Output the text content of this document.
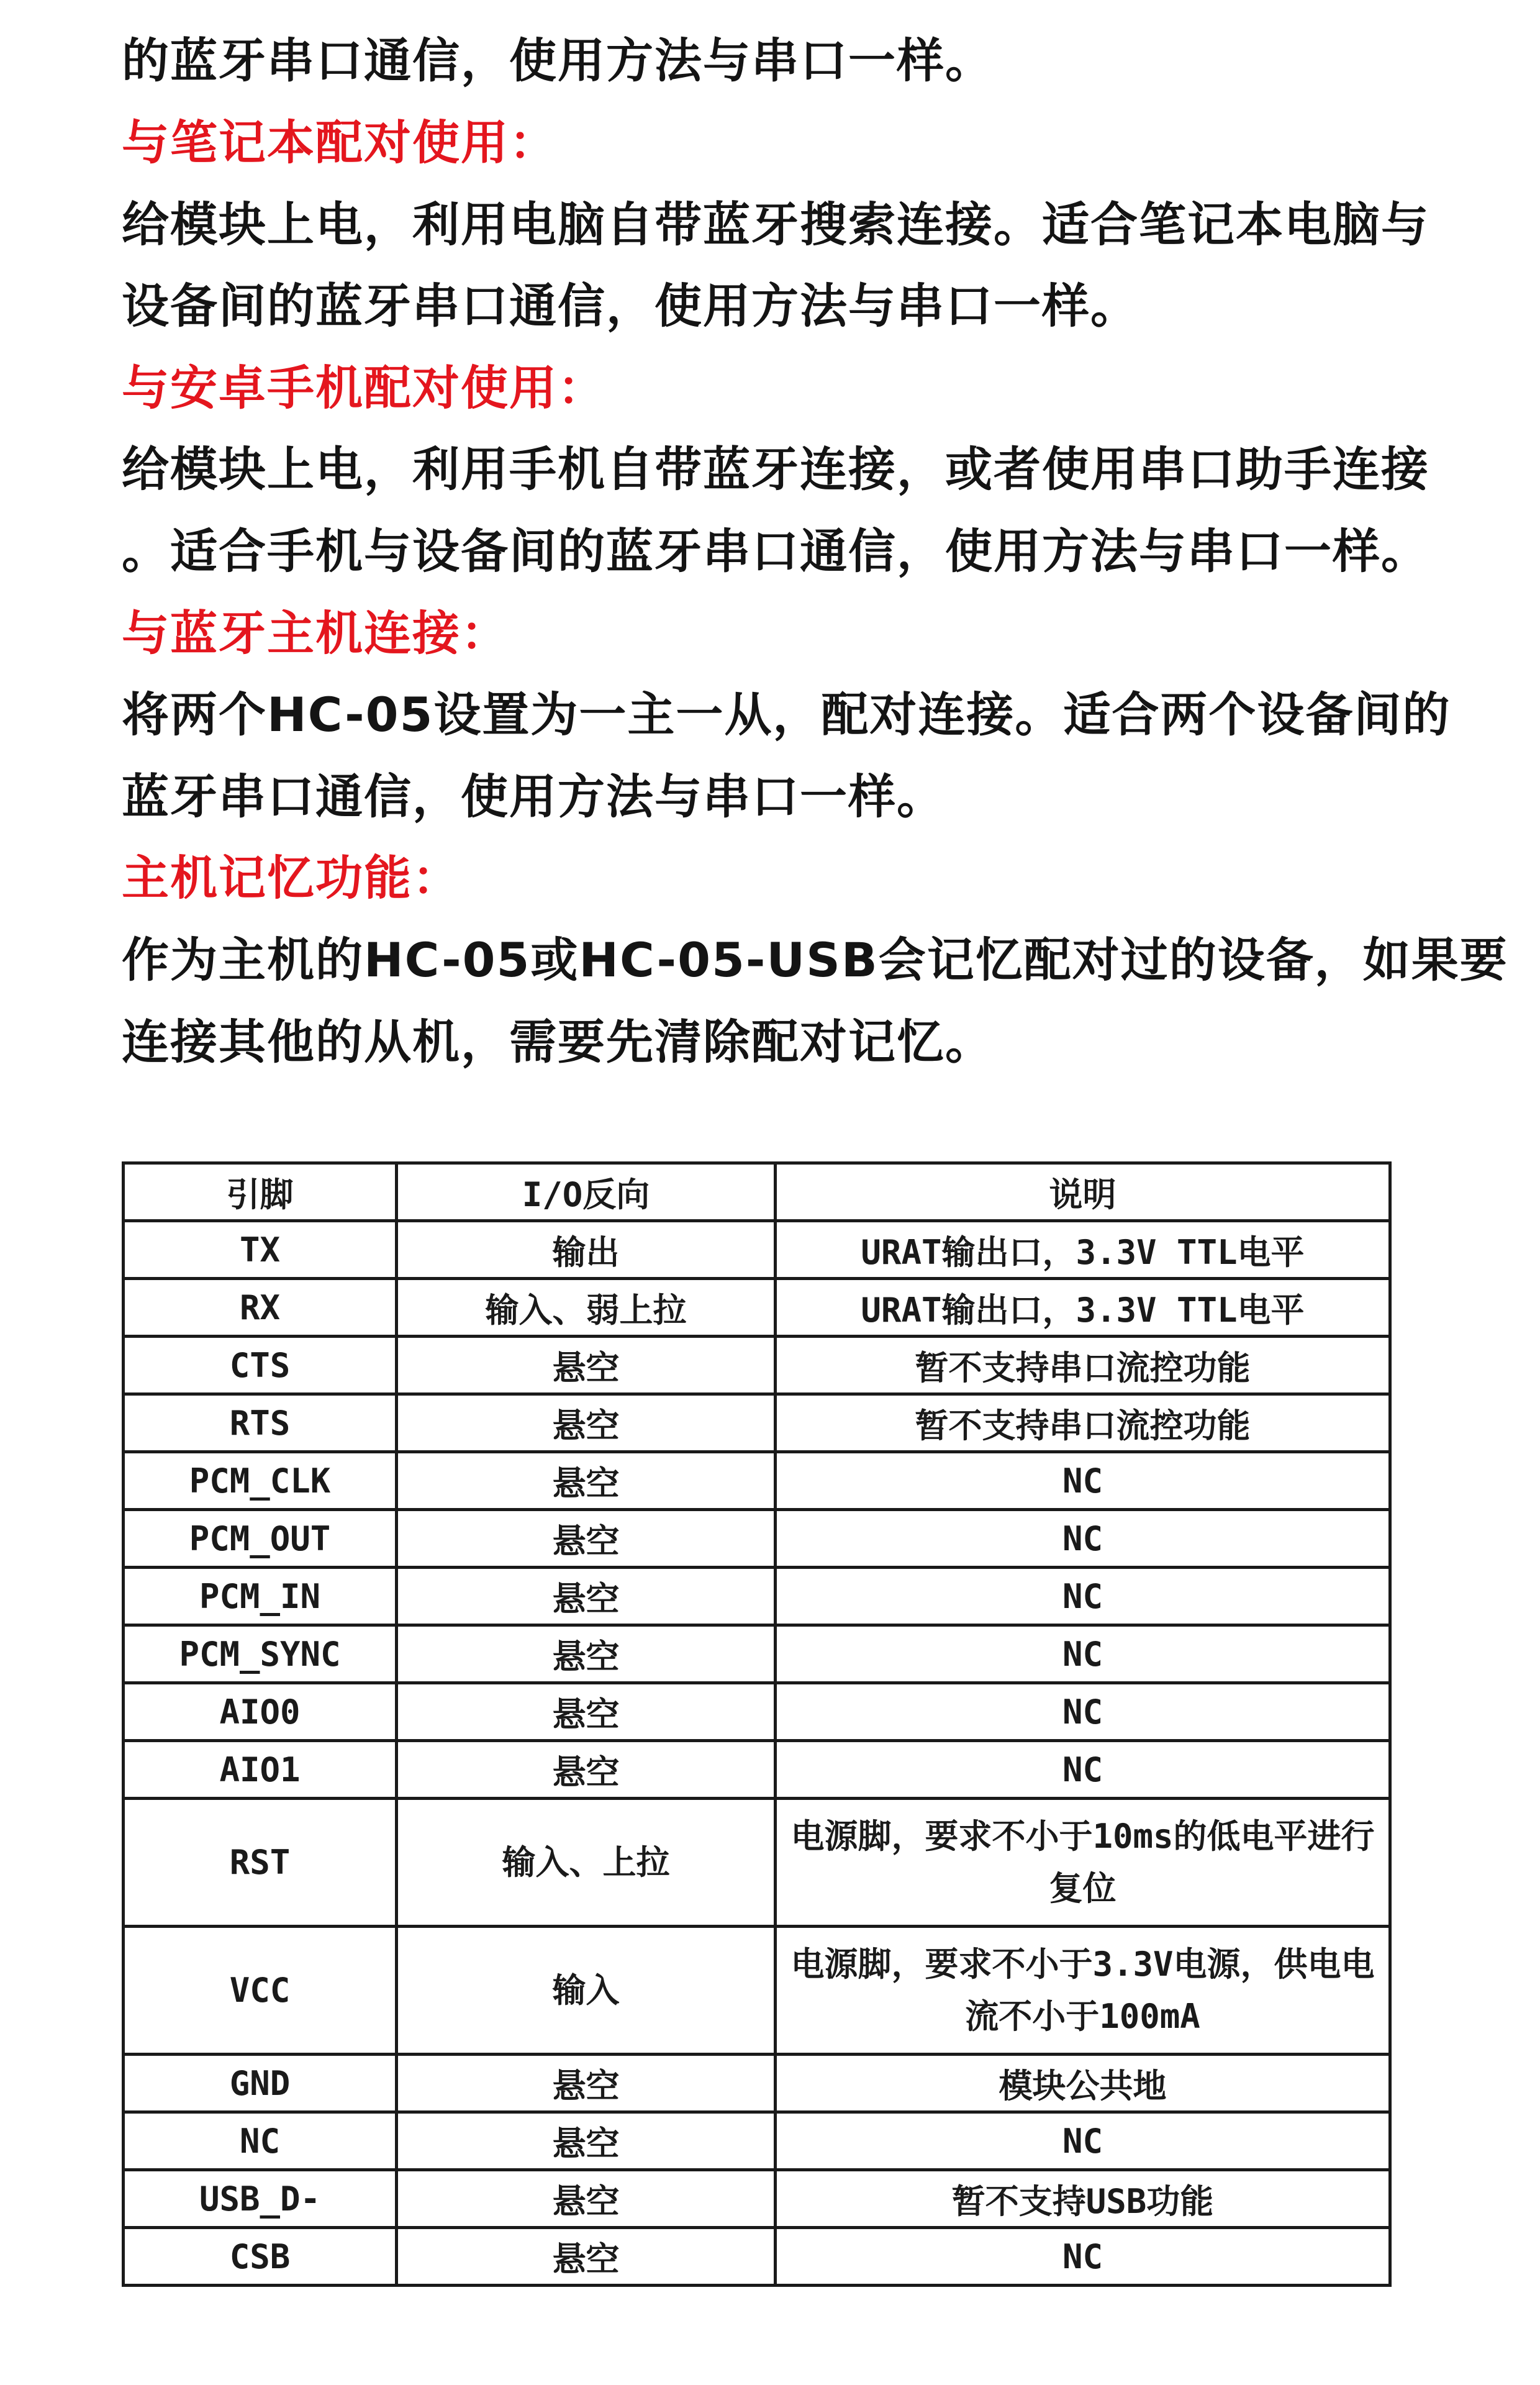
的蓝牙串口通信，使用方法与串口一样。
与笔记本配对使用：
给模块上电，利用电脑自带蓝牙搜索连接。适合笔记本电脑与
设备间的蓝牙串口通信，使用方法与串口一样。
与安卓手机配对使用：
给模块上电，利用手机自带蓝牙连接，或者使用串口助手连接
。适合手机与设备间的蓝牙串口通信，使用方法与串口一样。
与蓝牙主机连接：
将两个HC-05设置为一主一从，配对连接。适合两个设备间的
蓝牙串口通信，使用方法与串口一样。
主机记忆功能：
作为主机的HC-05或HC-05-USB会记忆配对过的设备，如果要
连接其他的从机，需要先清除配对记忆。
引脚	I/O反向	说明
TX	输出	URAT输出口，3.3V TTL电平
RX	输入、弱上拉	URAT输出口，3.3V TTL电平
CTS	悬空	暂不支持串口流控功能
RTS	悬空	暂不支持串口流控功能
PCM_CLK	悬空	NC
PCM_OUT	悬空	NC
PCM_IN	悬空	NC
PCM_SYNC	悬空	NC
AIO0	悬空	NC
AIO1	悬空	NC
RST	输入、上拉	电源脚，要求不小于10ms的低电平进行复位
VCC	输入	电源脚，要求不小于3.3V电源，供电电流不小于100mA
GND	悬空	模块公共地
NC	悬空	NC
USB_D-	悬空	暂不支持USB功能
CSB	悬空	NC
